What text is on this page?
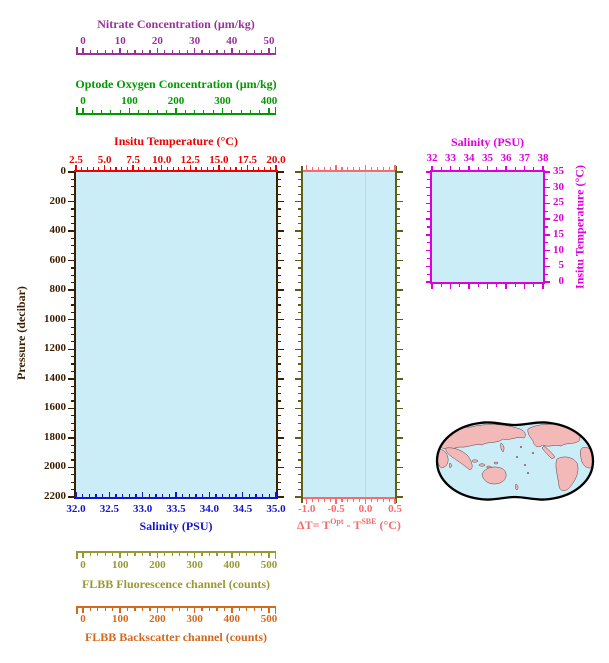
Nitrate Concentration (µm/kg)
Optode Oxygen Concentration (µm/kg)
Insitu Temperature (°C)
Salinity (PSU)
FLBB Fluorescence channel (counts)
FLBB Backscatter channel (counts)
Salinity (PSU)
Pressure (decibar)
Insitu Temperature (°C)
$\Delta T= T^{Opt} - T^{SBE}$ (°C)
0	10	20	30	40	50
0	100	200	300	400
0	100	200	300	400	500
0	100	200	300	400	500
2.5	5.0	7.5	10.0 12.5 15.0 17.5 20.0
32.0	32.5	33.0	33.5	34.0	34.5	35.0
0
200
400
600
800
1000
1200
1400
1600
1800
2000
2200
-1.0	-0.5	0.0	0.5
32 33 34 35 36 37 38
35
30
25
20
15
10
5
0
